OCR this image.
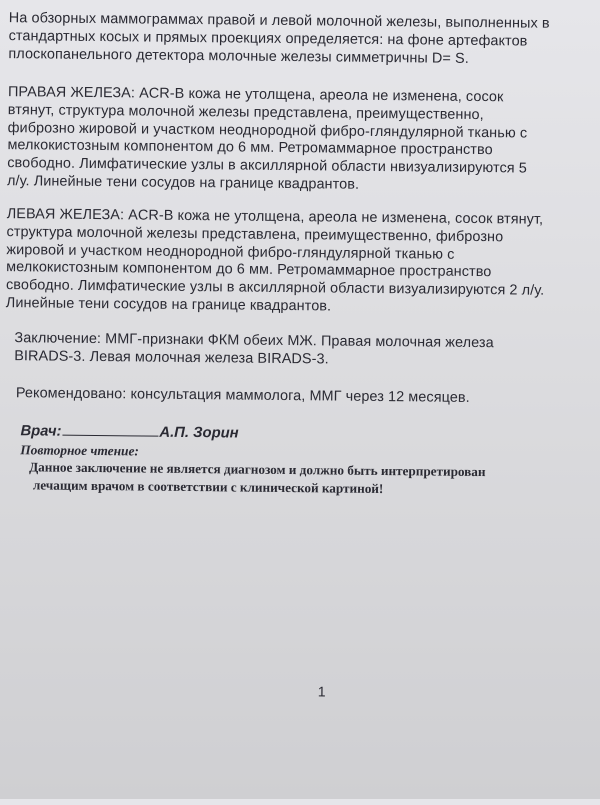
На обзорных маммограммах правой и левой молочной железы, выполненных в
стандартных косых и прямых проекциях определяется: на фоне артефактов
плоскопанельного детектора молочные железы симметричны D= S.

ПРАВАЯ ЖЕЛЕЗА: ACR-B кожа не утолщена, ареола не изменена, сосок
втянут, структура молочной железы представлена, преимущественно,
фиброзно жировой и участком неоднородной фибро-гляндулярной тканью с
мелкокистозным компонентом до 6 мм. Ретромаммарное пространство
свободно. Лимфатические узлы в аксиллярной области нвизуализируются 5
л/у. Линейные тени сосудов на границе квадрантов.

ЛЕВАЯ ЖЕЛЕЗА: ACR-B кожа не утолщена, ареола не изменена, сосок втянут,
структура молочной железы представлена, преимущественно, фиброзно
жировой и участком неоднородной фибро-гляндулярной тканью с
мелкокистозным компонентом до 6 мм. Ретромаммарное пространство
свободно. Лимфатические узлы в аксиллярной области визуализируются 2 л/у.
Линейные тени сосудов на границе квадрантов.

Заключение: ММГ-признаки ФКМ обеих МЖ. Правая молочная железа
BIRADS-3. Левая молочная железа BIRADS-3.

Рекомендовано: консультация маммолога, ММГ через 12 месяцев.

Врач:	А.П. Зорин
Повторное чтение:
Данное заключение не является диагнозом и должно быть интерпретирован
лечащим врачом в соответствии с клинической картиной!
1
